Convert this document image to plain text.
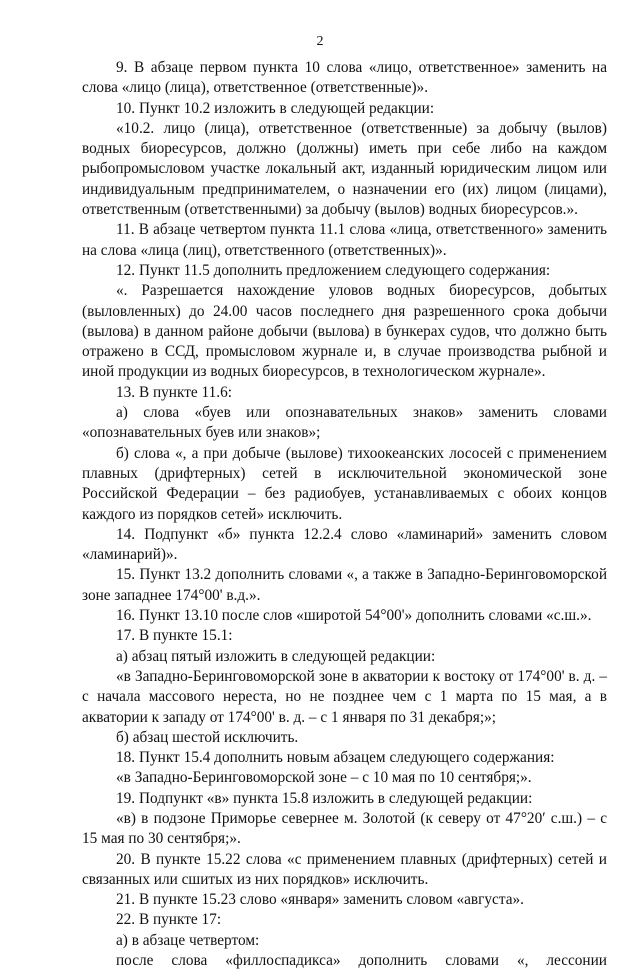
2

9. В абзаце первом пункта 10 слова «лицо, ответственное» заменить на слова «лицо (лица), ответственное (ответственные)».

10. Пункт 10.2 изложить в следующей редакции:

«10.2. лицо (лица), ответственное (ответственные) за добычу (вылов) водных биоресурсов, должно (должны) иметь при себе либо на каждом рыбопромысловом участке локальный акт, изданный юридическим лицом или индивидуальным предпринимателем, о назначении его (их) лицом (лицами), ответственным (ответственными) за добычу (вылов) водных биоресурсов.».

11. В абзаце четвертом пункта 11.1 слова «лица, ответственного» заменить на слова «лица (лиц), ответственного (ответственных)».

12. Пункт 11.5 дополнить предложением следующего содержания:

«. Разрешается нахождение уловов водных биоресурсов, добытых (выловленных) до 24.00 часов последнего дня разрешенного срока добычи (вылова) в данном районе добычи (вылова) в бункерах судов, что должно быть отражено в ССД, промысловом журнале и, в случае производства рыбной и иной продукции из водных биоресурсов, в технологическом журнале».

13. В пункте 11.6:

а) слова «буев или опознавательных знаков» заменить словами «опознавательных буев или знаков»;

б) слова «, а при добыче (вылове) тихоокеанских лососей с применением плавных (дрифтерных) сетей в исключительной экономической зоне Российской Федерации – без радиобуев, устанавливаемых с обоих концов каждого из порядков сетей» исключить.

14. Подпункт «б» пункта 12.2.4 слово «ламинарий» заменить словом «ламинарий)».

15. Пункт 13.2 дополнить словами «, а также в Западно-Беринговоморской зоне западнее 174°00' в.д.».

16. Пункт 13.10 после слов «широтой 54°00'» дополнить словами «с.ш.».

17. В пункте 15.1:

а) абзац пятый изложить в следующей редакции:

«в Западно-Беринговоморской зоне в акватории к востоку от 174°00' в. д. – с начала массового нереста, но не позднее чем с 1 марта по 15 мая, а в акватории к западу от 174°00' в. д. – с 1 января по 31 декабря;»;

б) абзац шестой исключить.

18. Пункт 15.4 дополнить новым абзацем следующего содержания:

«в Западно-Беринговоморской зоне – с 10 мая по 10 сентября;».

19. Подпункт «в» пункта 15.8 изложить в следующей редакции:

«в) в подзоне Приморье севернее м. Золотой (к северу от 47°20′ с.ш.) – с 15 мая по 30 сентября;».

20. В пункте 15.22 слова «с применением плавных (дрифтерных) сетей и связанных или сшитых из них порядков» исключить.

21. В пункте 15.23 слово «января» заменить словом «августа».

22. В пункте 17:

а) в абзаце четвертом:

после слова «филлоспадикса» дополнить словами «, лессонии
